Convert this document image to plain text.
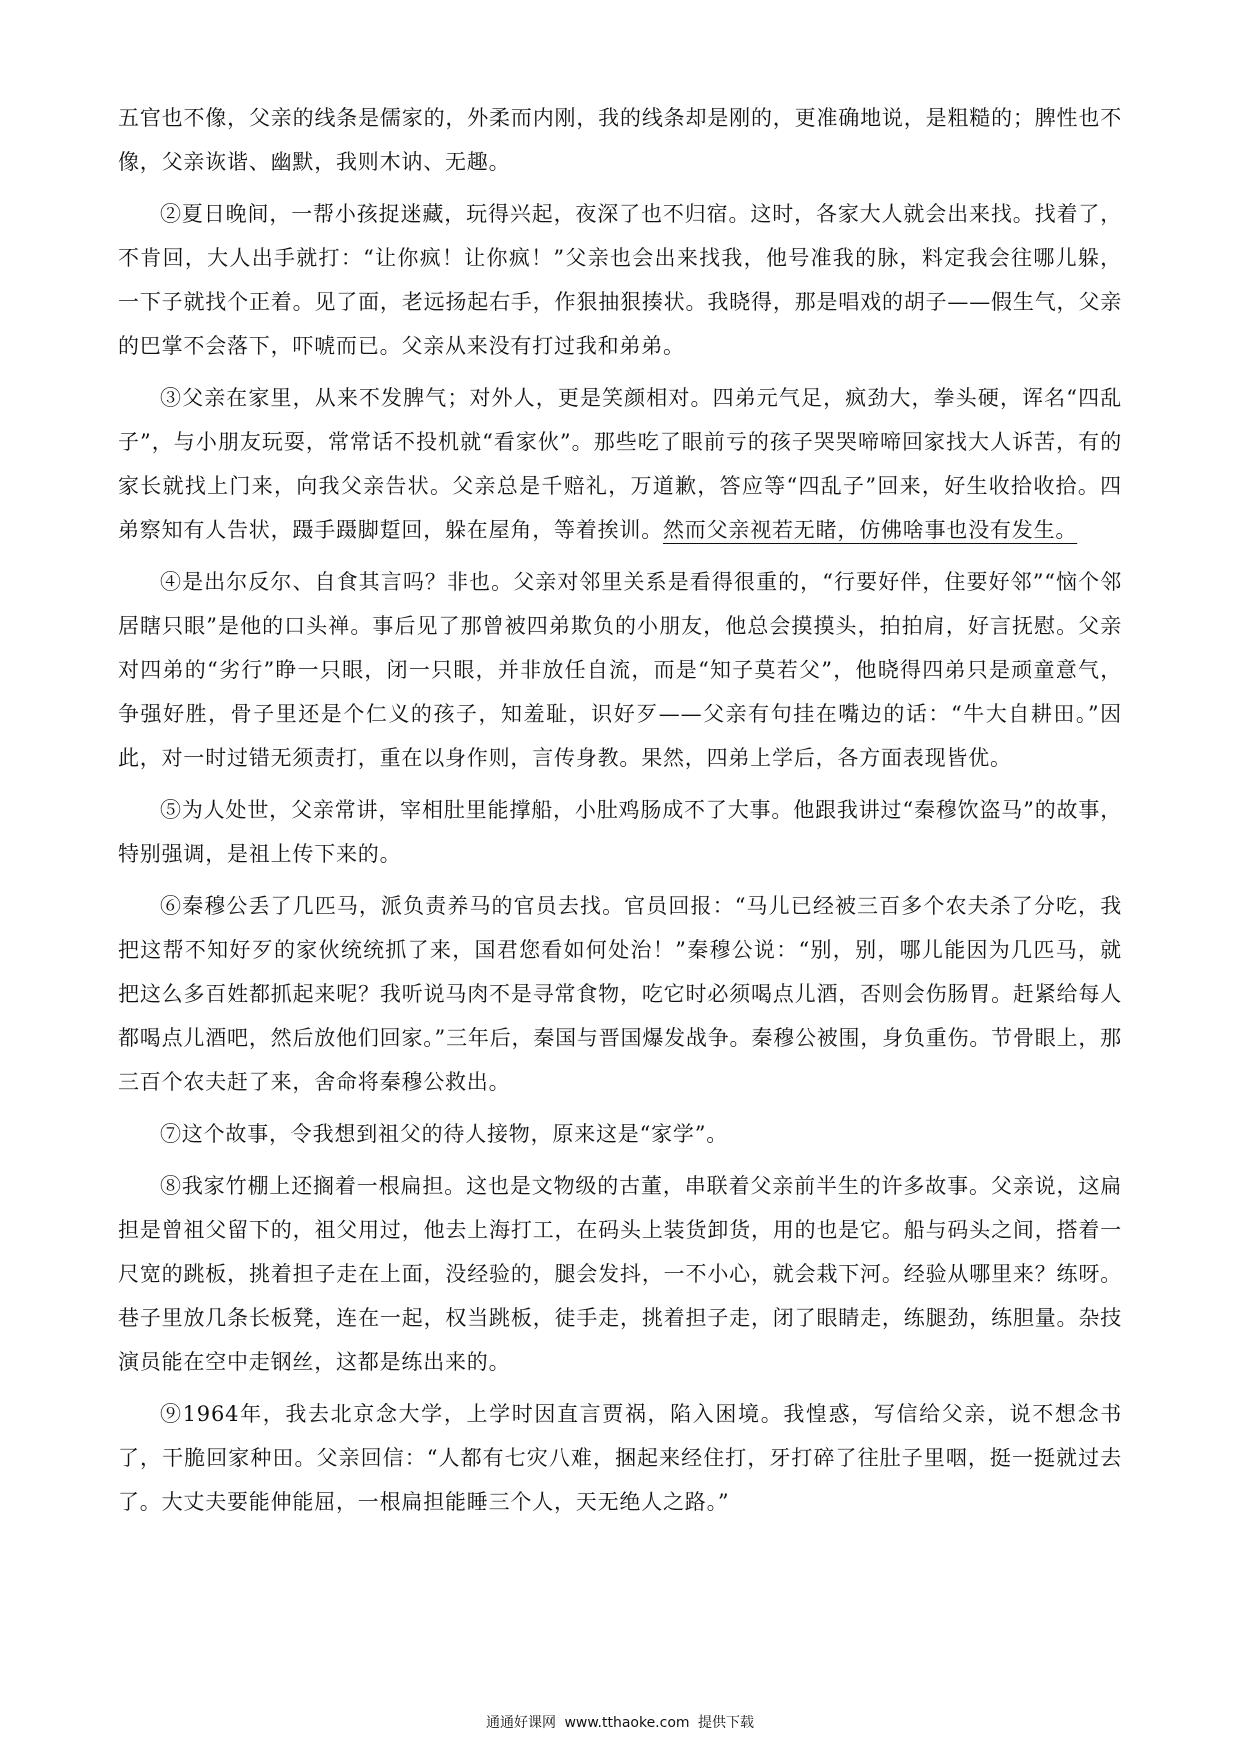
五官也不像，父亲的线条是儒家的，外柔而内刚，我的线条却是刚的，更准确地说，是粗糙的；脾性也不像，父亲诙谐、幽默，我则木讷、无趣。

②夏日晚间，一帮小孩捉迷藏，玩得兴起，夜深了也不归宿。这时，各家大人就会出来找。找着了，不肯回，大人出手就打：“让你疯！让你疯！”父亲也会出来找我，他号准我的脉，料定我会往哪儿躲，一下子就找个正着。见了面，老远扬起右手，作狠抽狠揍状。我晓得，那是唱戏的胡子——假生气，父亲的巴掌不会落下，吓唬而已。父亲从来没有打过我和弟弟。

③父亲在家里，从来不发脾气；对外人，更是笑颜相对。四弟元气足，疯劲大，拳头硬，诨名“四乱子”，与小朋友玩耍，常常话不投机就“看家伙”。那些吃了眼前亏的孩子哭哭啼啼回家找大人诉苦，有的家长就找上门来，向我父亲告状。父亲总是千赔礼，万道歉，答应等“四乱子”回来，好生收拾收拾。四弟察知有人告状，蹑手蹑脚踅回，躲在屋角，等着挨训。然而父亲视若无睹，仿佛啥事也没有发生。

④是出尔反尔、自食其言吗？非也。父亲对邻里关系是看得很重的，“行要好伴，住要好邻”“恼个邻居瞎只眼”是他的口头禅。事后见了那曾被四弟欺负的小朋友，他总会摸摸头，拍拍肩，好言抚慰。父亲对四弟的“劣行”睁一只眼，闭一只眼，并非放任自流，而是“知子莫若父”，他晓得四弟只是顽童意气，争强好胜，骨子里还是个仁义的孩子，知羞耻，识好歹——父亲有句挂在嘴边的话：“牛大自耕田。”因此，对一时过错无须责打，重在以身作则，言传身教。果然，四弟上学后，各方面表现皆优。

⑤为人处世，父亲常讲，宰相肚里能撑船，小肚鸡肠成不了大事。他跟我讲过“秦穆饮盗马”的故事，特别强调，是祖上传下来的。

⑥秦穆公丢了几匹马，派负责养马的官员去找。官员回报：“马儿已经被三百多个农夫杀了分吃，我把这帮不知好歹的家伙统统抓了来，国君您看如何处治！”秦穆公说：“别，别，哪儿能因为几匹马，就把这么多百姓都抓起来呢？我听说马肉不是寻常食物，吃它时必须喝点儿酒，否则会伤肠胃。赶紧给每人都喝点儿酒吧，然后放他们回家。”三年后，秦国与晋国爆发战争。秦穆公被围，身负重伤。节骨眼上，那三百个农夫赶了来，舍命将秦穆公救出。

⑦这个故事，令我想到祖父的待人接物，原来这是“家学”。

⑧我家竹棚上还搁着一根扁担。这也是文物级的古董，串联着父亲前半生的许多故事。父亲说，这扁担是曾祖父留下的，祖父用过，他去上海打工，在码头上装货卸货，用的也是它。船与码头之间，搭着一尺宽的跳板，挑着担子走在上面，没经验的，腿会发抖，一不小心，就会栽下河。经验从哪里来？练呀。巷子里放几条长板凳，连在一起，权当跳板，徒手走，挑着担子走，闭了眼睛走，练腿劲，练胆量。杂技演员能在空中走钢丝，这都是练出来的。

⑨1964年，我去北京念大学，上学时因直言贾祸，陷入困境。我惶惑，写信给父亲，说不想念书了，干脆回家种田。父亲回信：“人都有七灾八难，捆起来经住打，牙打碎了往肚子里咽，挺一挺就过去了。大丈夫要能伸能屈，一根扁担能睡三个人，天无绝人之路。”

通通好课网 www.tthaoke.com 提供下载
